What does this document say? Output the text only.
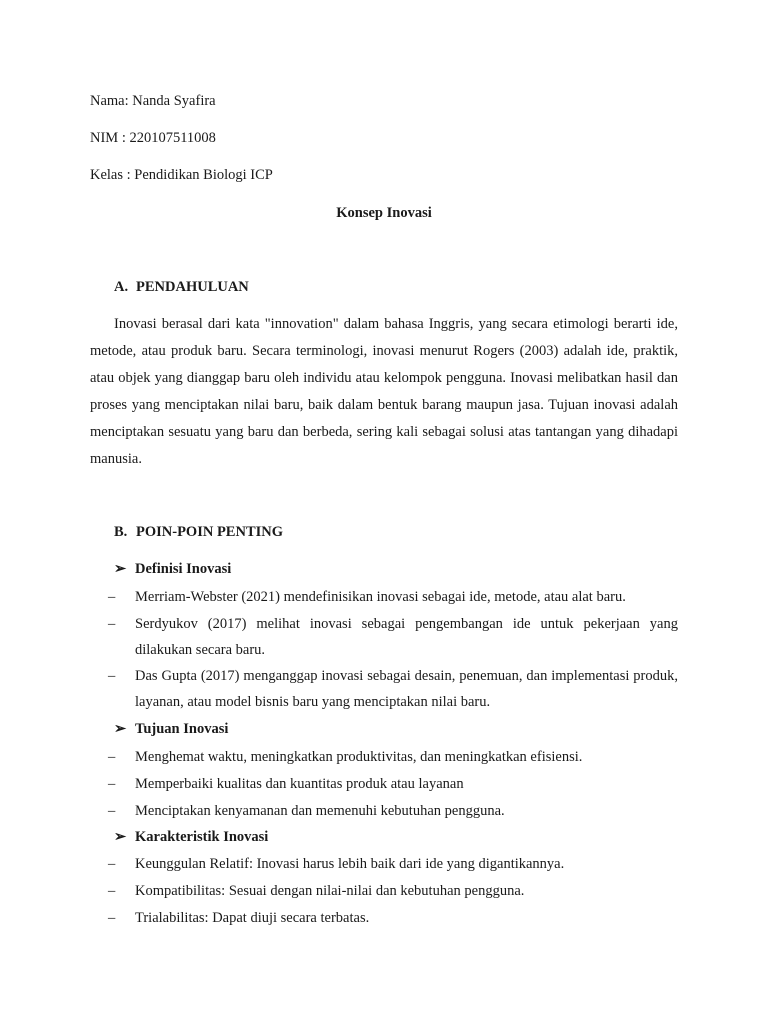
Nama: Nanda Syafira
NIM : 220107511008
Kelas : Pendidikan Biologi ICP
Konsep Inovasi
A. PENDAHULUAN
Inovasi berasal dari kata "innovation" dalam bahasa Inggris, yang secara etimologi berarti ide, metode, atau produk baru. Secara terminologi, inovasi menurut Rogers (2003) adalah ide, praktik, atau objek yang dianggap baru oleh individu atau kelompok pengguna. Inovasi melibatkan hasil dan proses yang menciptakan nilai baru, baik dalam bentuk barang maupun jasa. Tujuan inovasi adalah menciptakan sesuatu yang baru dan berbeda, sering kali sebagai solusi atas tantangan yang dihadapi manusia.
B. POIN-POIN PENTING
➢ Definisi Inovasi
– Merriam-Webster (2021) mendefinisikan inovasi sebagai ide, metode, atau alat baru.
– Serdyukov (2017) melihat inovasi sebagai pengembangan ide untuk pekerjaan yang dilakukan secara baru.
– Das Gupta (2017) menganggap inovasi sebagai desain, penemuan, dan implementasi produk, layanan, atau model bisnis baru yang menciptakan nilai baru.
➢ Tujuan Inovasi
– Menghemat waktu, meningkatkan produktivitas, dan meningkatkan efisiensi.
– Memperbaiki kualitas dan kuantitas produk atau layanan
– Menciptakan kenyamanan dan memenuhi kebutuhan pengguna.
➢ Karakteristik Inovasi
– Keunggulan Relatif: Inovasi harus lebih baik dari ide yang digantikannya.
– Kompatibilitas: Sesuai dengan nilai-nilai dan kebutuhan pengguna.
– Trialabilitas: Dapat diuji secara terbatas.
